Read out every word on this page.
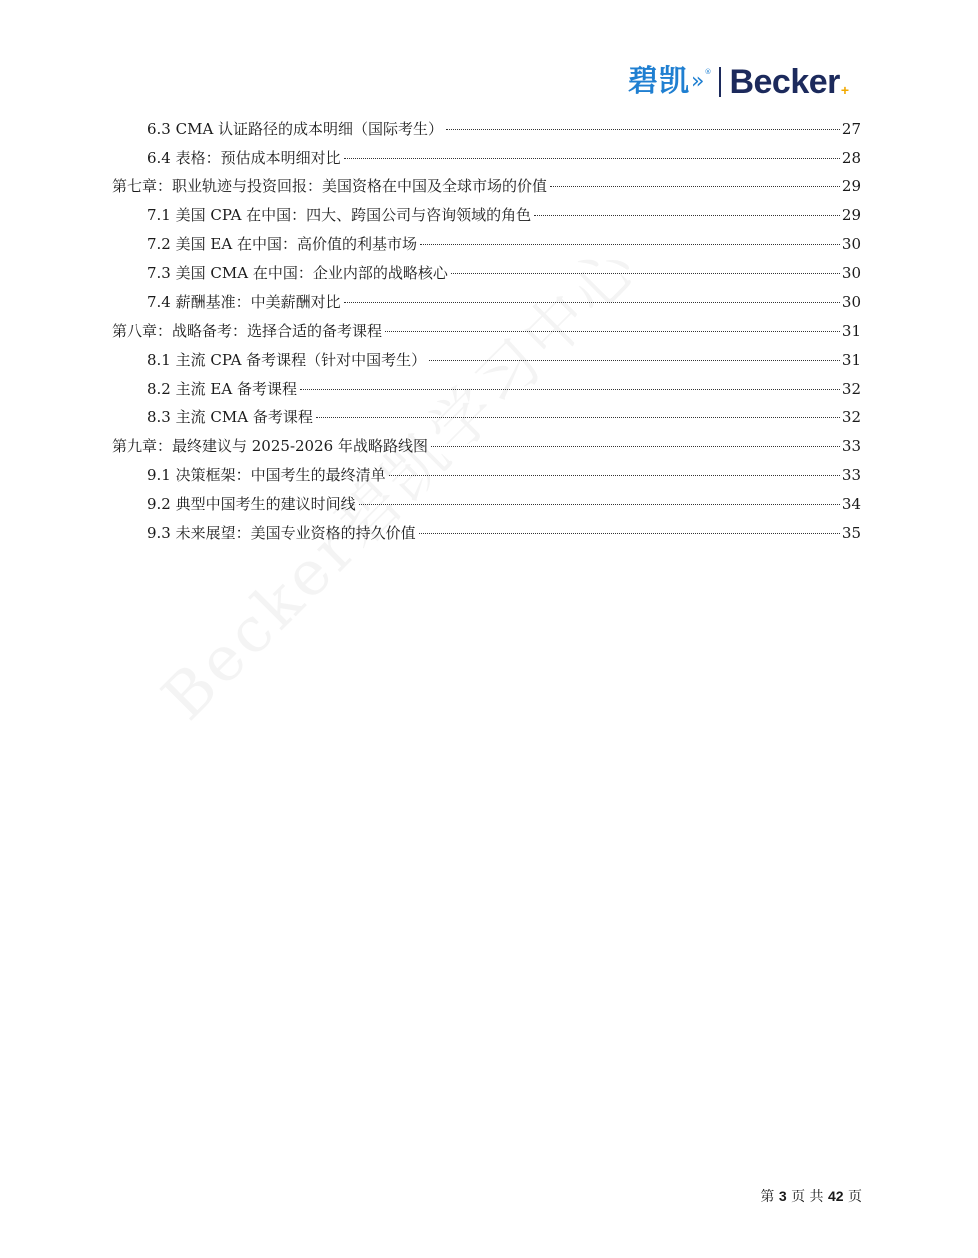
碧凯 » ® Becker +
6.3 CMA 认证路径的成本明细（国际考生）	27
6.4 表格：预估成本明细对比	28
第七章：职业轨迹与投资回报：美国资格在中国及全球市场的价值	29
7.1 美国 CPA 在中国：四大、跨国公司与咨询领域的角色	29
7.2 美国 EA 在中国：高价值的利基市场	30
7.3 美国 CMA 在中国：企业内部的战略核心	30
7.4 薪酬基准：中美薪酬对比	30
第八章：战略备考：选择合适的备考课程	31
8.1 主流 CPA 备考课程（针对中国考生）	31
8.2 主流 EA 备考课程	32
8.3 主流 CMA 备考课程	32
第九章：最终建议与 2025-2026 年战略路线图	33
9.1 决策框架：中国考生的最终清单	33
9.2 典型中国考生的建议时间线	34
9.3 未来展望：美国专业资格的持久价值	35
第 3 页 共 42 页
